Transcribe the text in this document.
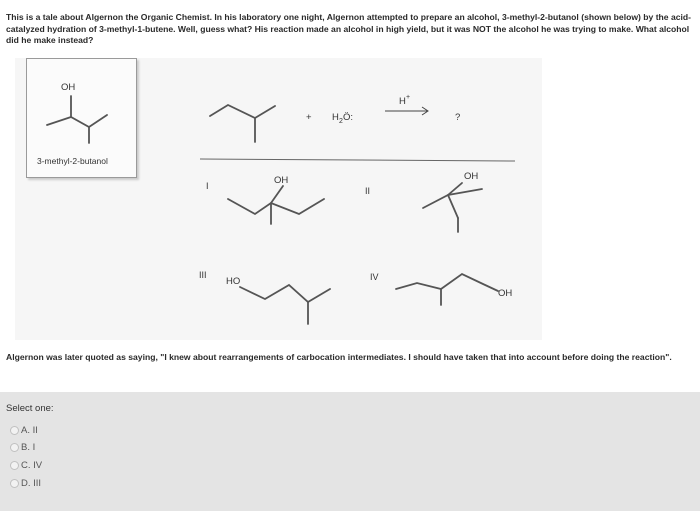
This is a tale about Algernon the Organic Chemist. In his laboratory one night, Algernon attempted to prepare an alcohol, 3-methyl-2-butanol (shown below) by the acid-catalyzed hydration of 3-methyl-1-butene. Well, guess what? His reaction made an alcohol in high yield, but it was NOT the alcohol he was trying to make. What alcohol did he make instead?
+ H 2 Ö:
H +
?
I	OH
II
OH
III
HO	IV
OH
OH
3-methyl-2-butanol
Algernon was later quoted as saying, "I knew about rearrangements of carbocation intermediates. I should have taken that into account before doing the reaction".
Select one:
A. II
B. I
C. IV
D. III
